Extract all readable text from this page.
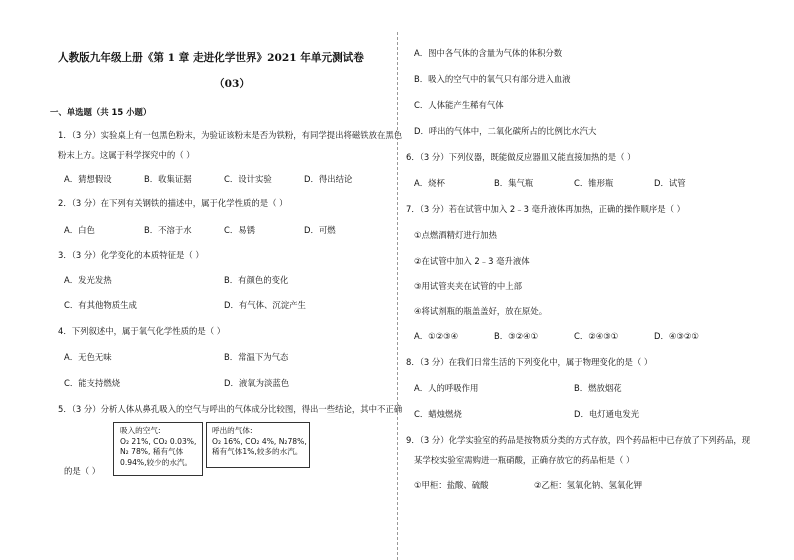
人教版九年级上册《第 1 章 走进化学世界》2021 年单元测试卷
（03）
一、单选题（共 15 小题）
1．（3 分）实验桌上有一包黑色粉末，为验证该粉末是否为铁粉，有同学提出将磁铁放在黑色
粉末上方。这属于科学探究中的（ ）
A．猜想假设	B．收集证据	C．设计实验	D．得出结论
2．（3 分）在下列有关钢铁的描述中，属于化学性质的是（ ）
A．白色	B．不溶于水	C．易锈	D．可燃
3．（3 分）化学变化的本质特征是（ ）
A．发光发热	B．有颜色的变化
C．有其他物质生成	D．有气体、沉淀产生
4．下列叙述中，属于氧气化学性质的是（ ）
A．无色无味	B．常温下为气态
C．能支持燃烧	D．液氧为淡蓝色
5．（3 分）分析人体从鼻孔吸入的空气与呼出的气体成分比较图，得出一些结论，其中不正确
吸入的空气:
O₂ 21%, CO₂ 0.03%,
N₂ 78%, 稀有气体
0.94%,较少的水汽。
呼出的气体:
O₂ 16%, CO₂ 4%, N₂78%,
稀有气体1%,较多的水汽。
的是（ ）
A．图中各气体的含量为气体的体积分数
B．吸入的空气中的氧气只有部分进入血液
C．人体能产生稀有气体
D．呼出的气体中，二氧化碳所占的比例比水汽大
6．（3 分）下列仪器，既能做反应器皿又能直接加热的是（ ）
A．烧杯	B．集气瓶	C．锥形瓶	D．试管
7．（3 分）若在试管中加入 2﹣3 毫升液体再加热，正确的操作顺序是（ ）
①点燃酒精灯进行加热
②在试管中加入 2﹣3 毫升液体
③用试管夹夹在试管的中上部
④将试剂瓶的瓶盖盖好，放在原处。
A．①②③④	B．③②④①	C．②④③①	D．④③②①
8．（3 分）在我们日常生活的下列变化中，属于物理变化的是（ ）
A．人的呼吸作用	B．燃放烟花
C．蜡烛燃烧	D．电灯通电发光
9．（3 分）化学实验室的药品是按物质分类的方式存放，四个药品柜中已存放了下列药品，现
某学校实验室需购进一瓶硝酸，正确存放它的药品柜是（ ）
①甲柜：盐酸、硫酸	②乙柜：氢氧化钠、氢氧化钾
